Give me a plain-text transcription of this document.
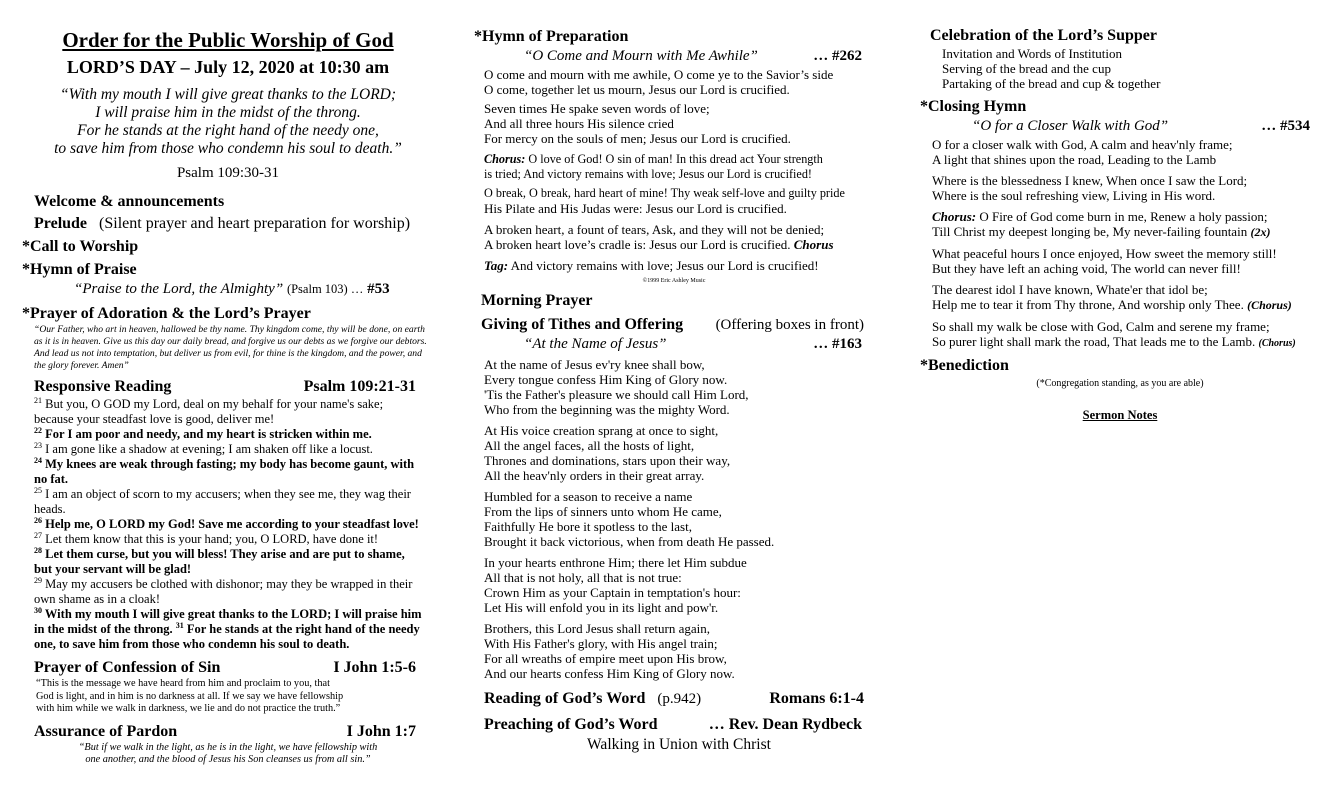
Order for the Public Worship of God
LORD’S DAY – July 12, 2020 at 10:30 am

“With my mouth I will give great thanks to the LORD;

I will praise him in the midst of the throng.

For he stands at the right hand of the needy one,

to save him from those who condemn his soul to death.”

Psalm 109:30-31
Welcome & announcements
Prelude (Silent prayer and heart preparation for worship)
*Call to Worship
*Hymn of Praise
“Praise to the Lord, the Almighty” (Psalm 103) … #53
*Prayer of Adoration & the Lord’s Prayer
“Our Father, who art in heaven, hallowed be thy name. Thy kingdom come, thy will be done, on earth as it is in heaven. Give us this day our daily bread, and forgive us our debts as we forgive our debtors. And lead us not into temptation, but deliver us from evil, for thine is the kingdom, and the power, and the glory forever. Amen”
Responsive Reading	Psalm 109:21-31
$^{21}$ But you, O GOD my Lord, deal on my behalf for your name's sake; because your steadfast love is good, deliver me!
$^{22}$ For I am poor and needy, and my heart is stricken within me.
$^{23}$ I am gone like a shadow at evening; I am shaken off like a locust.
$^{24}$ My knees are weak through fasting; my body has become gaunt, with no fat.
$^{25}$ I am an object of scorn to my accusers; when they see me, they wag their heads.
$^{26}$ Help me, O LORD my God! Save me according to your steadfast love!
$^{27}$ Let them know that this is your hand; you, O LORD, have done it!
$^{28}$ Let them curse, but you will bless! They arise and are put to shame, but your servant will be glad!
$^{29}$ May my accusers be clothed with dishonor; may they be wrapped in their own shame as in a cloak!
$^{30}$ With my mouth I will give great thanks to the LORD; I will praise him in the midst of the throng. $^{31}$ For he stands at the right hand of the needy one, to save him from those who condemn his soul to death.
Prayer of Confession of Sin	I John 1:5-6

“This is the message we have heard from him and proclaim to you, that

God is light, and in him is no darkness at all. If we say we have fellowship

with him while we walk in darkness, we lie and do not practice the truth.”

Assurance of Pardon	I John 1:7

“But if we walk in the light, as he is in the light, we have fellowship with

one another, and the blood of Jesus his Son cleanses us from all sin.”

*Hymn of Preparation
“O Come and Mourn with Me Awhile”	… #262

O come and mourn with me awhile, O come ye to the Savior’s side

O come, together let us mourn, Jesus our Lord is crucified.

Seven times He spake seven words of love;

And all three hours His silence cried

For mercy on the souls of men; Jesus our Lord is crucified.

Chorus: O love of God! O sin of man! In this dread act Your strength

is tried; And victory remains with love; Jesus our Lord is crucified!

O break, O break, hard heart of mine! Thy weak self-love and guilty pride

His Pilate and His Judas were: Jesus our Lord is crucified.

A broken heart, a fount of tears, Ask, and they will not be denied;

A broken heart love’s cradle is: Jesus our Lord is crucified. Chorus

Tag: And victory remains with love; Jesus our Lord is crucified!

©1999 Eric Ashley Music
Morning Prayer
Giving of Tithes and Offering (Offering boxes in front)
“At the Name of Jesus”	… #163

At the name of Jesus ev'ry knee shall bow,

Every tongue confess Him King of Glory now.

'Tis the Father's pleasure we should call Him Lord,

Who from the beginning was the mighty Word.

At His voice creation sprang at once to sight,

All the angel faces, all the hosts of light,

Thrones and dominations, stars upon their way,

All the heav'nly orders in their great array.

Humbled for a season to receive a name

From the lips of sinners unto whom He came,

Faithfully He bore it spotless to the last,

Brought it back victorious, when from death He passed.

In your hearts enthrone Him; there let Him subdue

All that is not holy, all that is not true:

Crown Him as your Captain in temptation's hour:

Let His will enfold you in its light and pow'r.

Brothers, this Lord Jesus shall return again,

With His Father's glory, with His angel train;

For all wreaths of empire meet upon His brow,

And our hearts confess Him King of Glory now.

Reading of God’s Word (p.942)	Romans 6:1-4
Preaching of God’s Word	… Rev. Dean Rydbeck
Walking in Union with Christ
Celebration of the Lord’s Supper

Invitation and Words of Institution

Serving of the bread and the cup

Partaking of the bread and cup & together

*Closing Hymn
“O for a Closer Walk with God”	… #534

O for a closer walk with God, A calm and heav'nly frame;

A light that shines upon the road, Leading to the Lamb

Where is the blessedness I knew, When once I saw the Lord;

Where is the soul refreshing view, Living in His word.

Chorus: O Fire of God come burn in me, Renew a holy passion;

Till Christ my deepest longing be, My never-failing fountain (2x)

What peaceful hours I once enjoyed, How sweet the memory still!

But they have left an aching void, The world can never fill!

The dearest idol I have known, Whate'er that idol be;

Help me to tear it from Thy throne, And worship only Thee. (Chorus)

So shall my walk be close with God, Calm and serene my frame;

So purer light shall mark the road, That leads me to the Lamb. (Chorus)

*Benediction
(*Congregation standing, as you are able)
Sermon Notes
